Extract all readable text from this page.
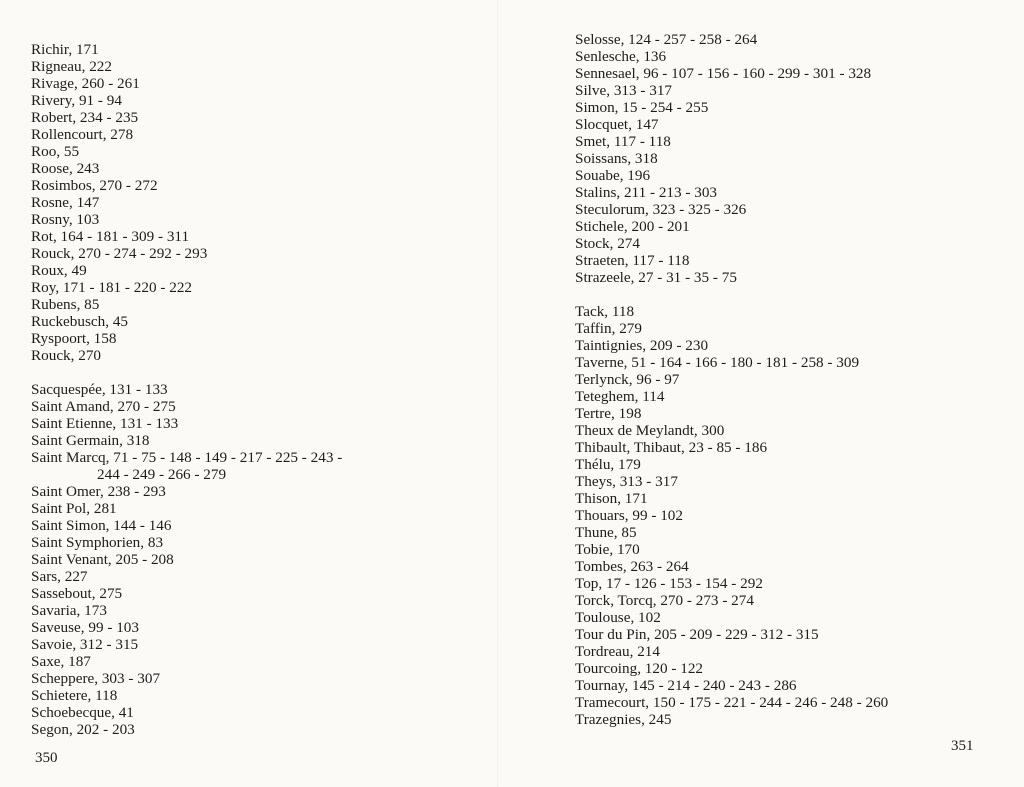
Richir, 171
Rigneau, 222
Rivage, 260 - 261
Rivery, 91 - 94
Robert, 234 - 235
Rollencourt, 278
Roo, 55
Roose, 243
Rosimbos, 270 - 272
Rosne, 147
Rosny, 103
Rot, 164 - 181 - 309 - 311
Rouck, 270 - 274 - 292 - 293
Roux, 49
Roy, 171 - 181 - 220 - 222
Rubens, 85
Ruckebusch, 45
Ryspoort, 158
Rouck, 270
Sacquespée, 131 - 133
Saint Amand, 270 - 275
Saint Etienne, 131 - 133
Saint Germain, 318
Saint Marcq, 71 - 75 - 148 - 149 - 217 - 225 - 243 -
244 - 249 - 266 - 279
Saint Omer, 238 - 293
Saint Pol, 281
Saint Simon, 144 - 146
Saint Symphorien, 83
Saint Venant, 205 - 208
Sars, 227
Sassebout, 275
Savaria, 173
Saveuse, 99 - 103
Savoie, 312 - 315
Saxe, 187
Scheppere, 303 - 307
Schietere, 118
Schoebecque, 41
Segon, 202 - 203
350
Selosse, 124 - 257 - 258 - 264
Senlesche, 136
Sennesael, 96 - 107 - 156 - 160 - 299 - 301 - 328
Silve, 313 - 317
Simon, 15 - 254 - 255
Slocquet, 147
Smet, 117 - 118
Soissans, 318
Souabe, 196
Stalins, 211 - 213 - 303
Steculorum, 323 - 325 - 326
Stichele, 200 - 201
Stock, 274
Straeten, 117 - 118
Strazeele, 27 - 31 - 35 - 75
Tack, 118
Taffin, 279
Taintignies, 209 - 230
Taverne, 51 - 164 - 166 - 180 - 181 - 258 - 309
Terlynck, 96 - 97
Teteghem, 114
Tertre, 198
Theux de Meylandt, 300
Thibault, Thibaut, 23 - 85 - 186
Thélu, 179
Theys, 313 - 317
Thison, 171
Thouars, 99 - 102
Thune, 85
Tobie, 170
Tombes, 263 - 264
Top, 17 - 126 - 153 - 154 - 292
Torck, Torcq, 270 - 273 - 274
Toulouse, 102
Tour du Pin, 205 - 209 - 229 - 312 - 315
Tordreau, 214
Tourcoing, 120 - 122
Tournay, 145 - 214 - 240 - 243 - 286
Tramecourt, 150 - 175 - 221 - 244 - 246 - 248 - 260
Trazegnies, 245
351
